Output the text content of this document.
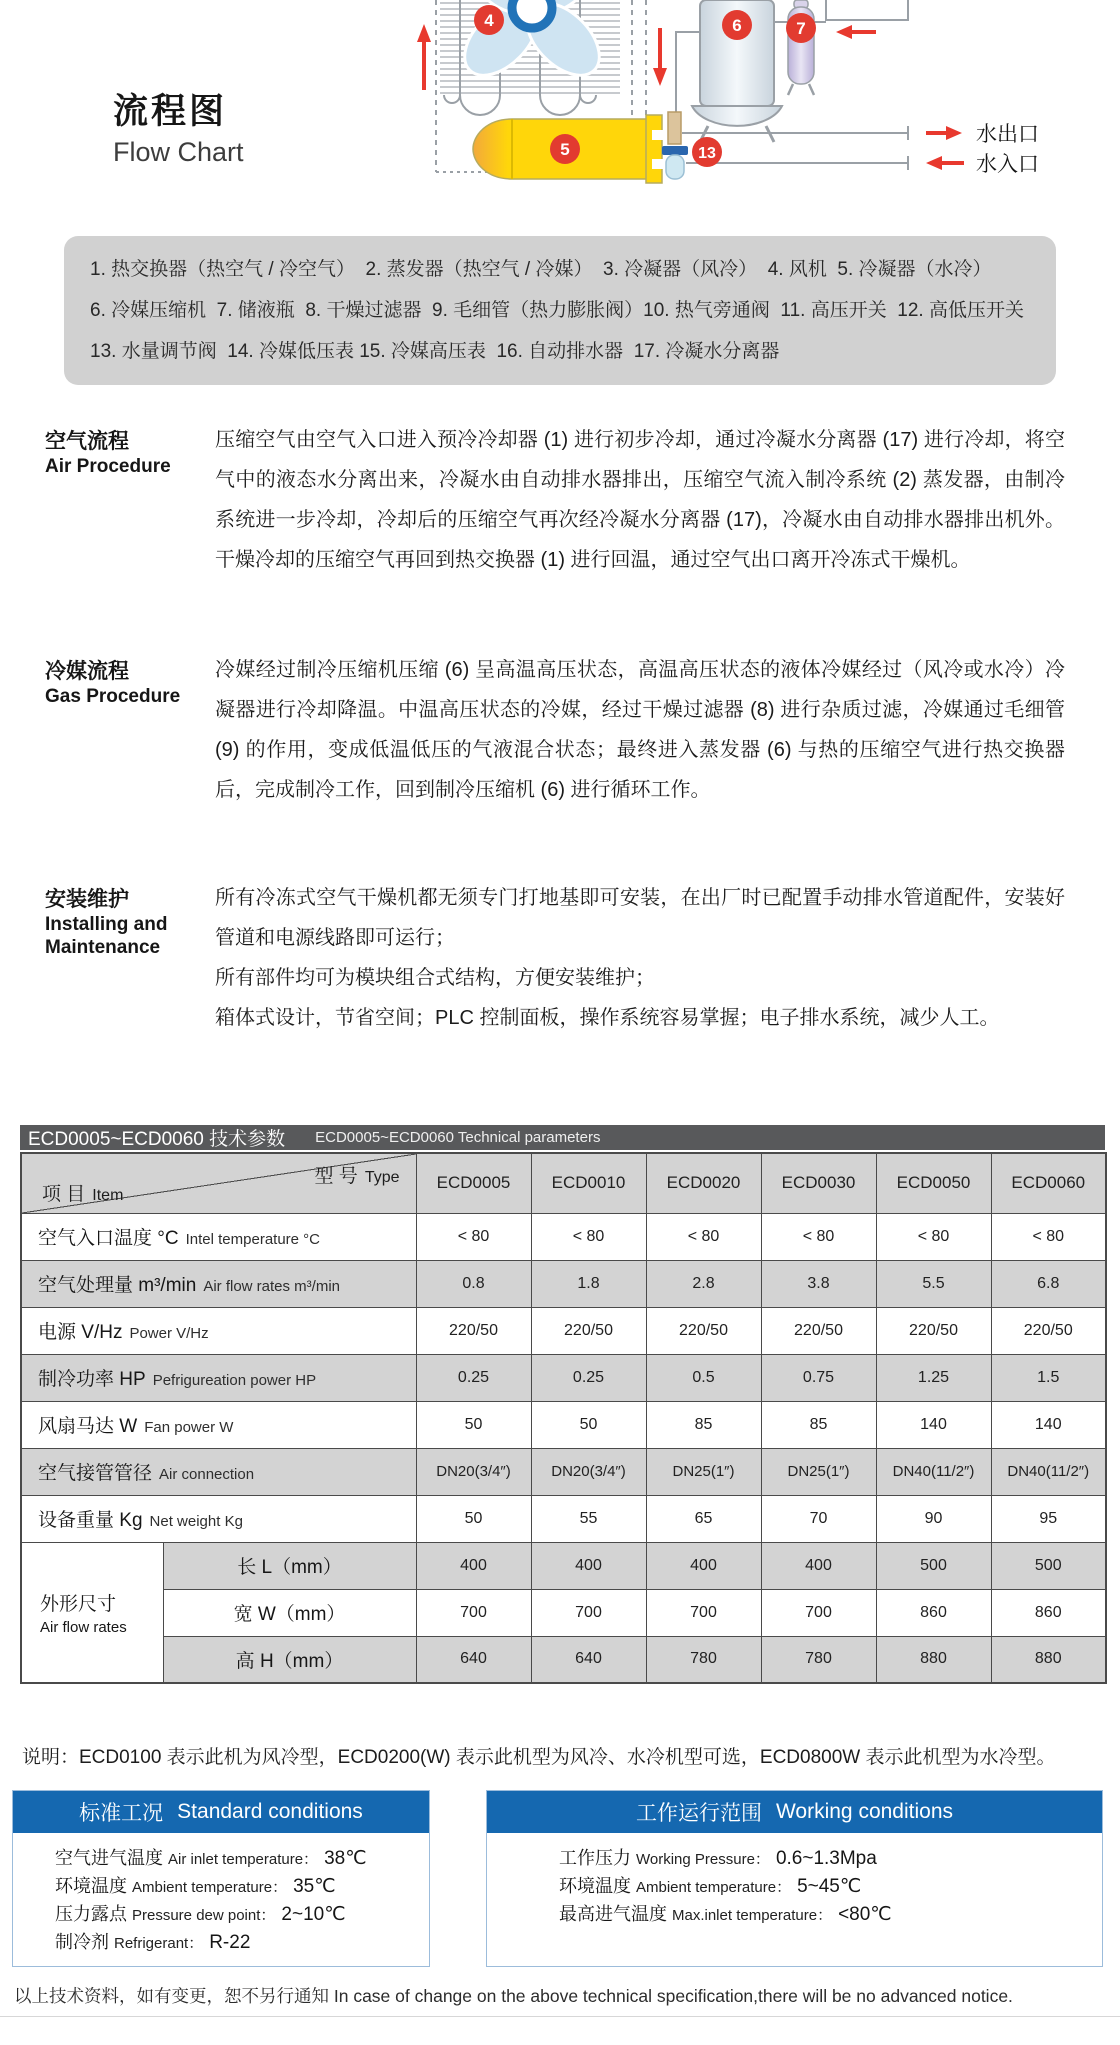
水出口
水入口
4	6	7
5	13
流程图
Flow Chart
1. 热交换器（热空气 / 冷空气）  2. 蒸发器（热空气 / 冷媒）  3. 冷凝器（风冷）  4. 风机  5. 冷凝器（水冷）
6. 冷媒压缩机  7. 储液瓶  8. 干燥过滤器  9. 毛细管（热力膨胀阀）10. 热气旁通阀  11. 高压开关  12. 高低压开关
13. 水量调节阀  14. 冷媒低压表 15. 冷媒高压表  16. 自动排水器  17. 冷凝水分离器
空气流程
Air Procedure

压缩空气由空气入口进入预冷冷却器 (1) 进行初步冷却，通过冷凝水分离器 (17) 进行冷却，将空气中的液态水分离出来，冷凝水由自动排水器排出，压缩空气流入制冷系统 (2) 蒸发器，由制冷系统进一步冷却，冷却后的压缩空气再次经冷凝水分离器 (17)，冷凝水由自动排水器排出机外。干燥冷却的压缩空气再回到热交换器 (1) 进行回温，通过空气出口离开冷冻式干燥机。

冷媒流程
Gas Procedure

冷媒经过制冷压缩机压缩 (6) 呈高温高压状态，高温高压状态的液体冷媒经过（风冷或水冷）冷凝器进行冷却降温。中温高压状态的冷媒，经过干燥过滤器 (8) 进行杂质过滤，冷媒通过毛细管 (9) 的作用，变成低温低压的气液混合状态；最终进入蒸发器 (6) 与热的压缩空气进行热交换器后，完成制冷工作，回到制冷压缩机 (6) 进行循环工作。

安装维护
Installing and Maintenance

所有冷冻式空气干燥机都无须专门打地基即可安装，在出厂时已配置手动排水管道配件，安装好管道和电源线路即可运行；

所有部件均可为模块组合式结构，方便安装维护；

箱体式设计，节省空间；PLC 控制面板，操作系统容易掌握；电子排水系统，减少人工。

ECD0005~ECD0060 技术参数 ECD0005~ECD0060 Technical parameters
型 号 Type
项 目 Item		ECD0005	ECD0010	ECD0020	ECD0030	ECD0050	ECD0060
空气入口温度 °C Intel temperature °C		< 80	< 80	< 80	< 80	< 80	< 80
空气处理量 m³/min Air flow rates m³/min		0.8	1.8	2.8	3.8	5.5	6.8
电源 V/Hz Power V/Hz		220/50	220/50	220/50	220/50	220/50	220/50
制冷功率 HP Pefrigureation power HP		0.25	0.25	0.5	0.75	1.25	1.5
风扇马达 W Fan power W		50	50	85	85	140	140
空气接管管径 Air connection		DN20(3/4″)	DN20(3/4″)	DN25(1″)	DN25(1″)	DN40(11/2″)	DN40(11/2″)
设备重量 Kg Net weight Kg		50	55	65	70	90	95
外形尺寸
Air flow rates	长 L（mm）	400	400	400	400	500	500
	宽 W（mm）	700	700	700	700	860	860
	高 H（mm）	640	640	780	780	880	880
说明：ECD0100 表示此机为风冷型，ECD0200(W) 表示此机型为风冷、水冷机型可选，ECD0800W 表示此机型为水冷型。
标准工况 Standard conditions
空气进气温度 Air inlet temperature： 38℃
环境温度 Ambient temperature： 35℃
压力露点 Pressure dew point： 2~10℃
制冷剂 Refrigerant： R-22
工作运行范围 Working conditions
工作压力 Working Pressure： 0.6~1.3Mpa
环境温度 Ambient temperature： 5~45℃
最高进气温度 Max.inlet temperature： <80℃
以上技术资料，如有变更，恕不另行通知 In case of change on the above technical specification,there will be no advanced notice.
